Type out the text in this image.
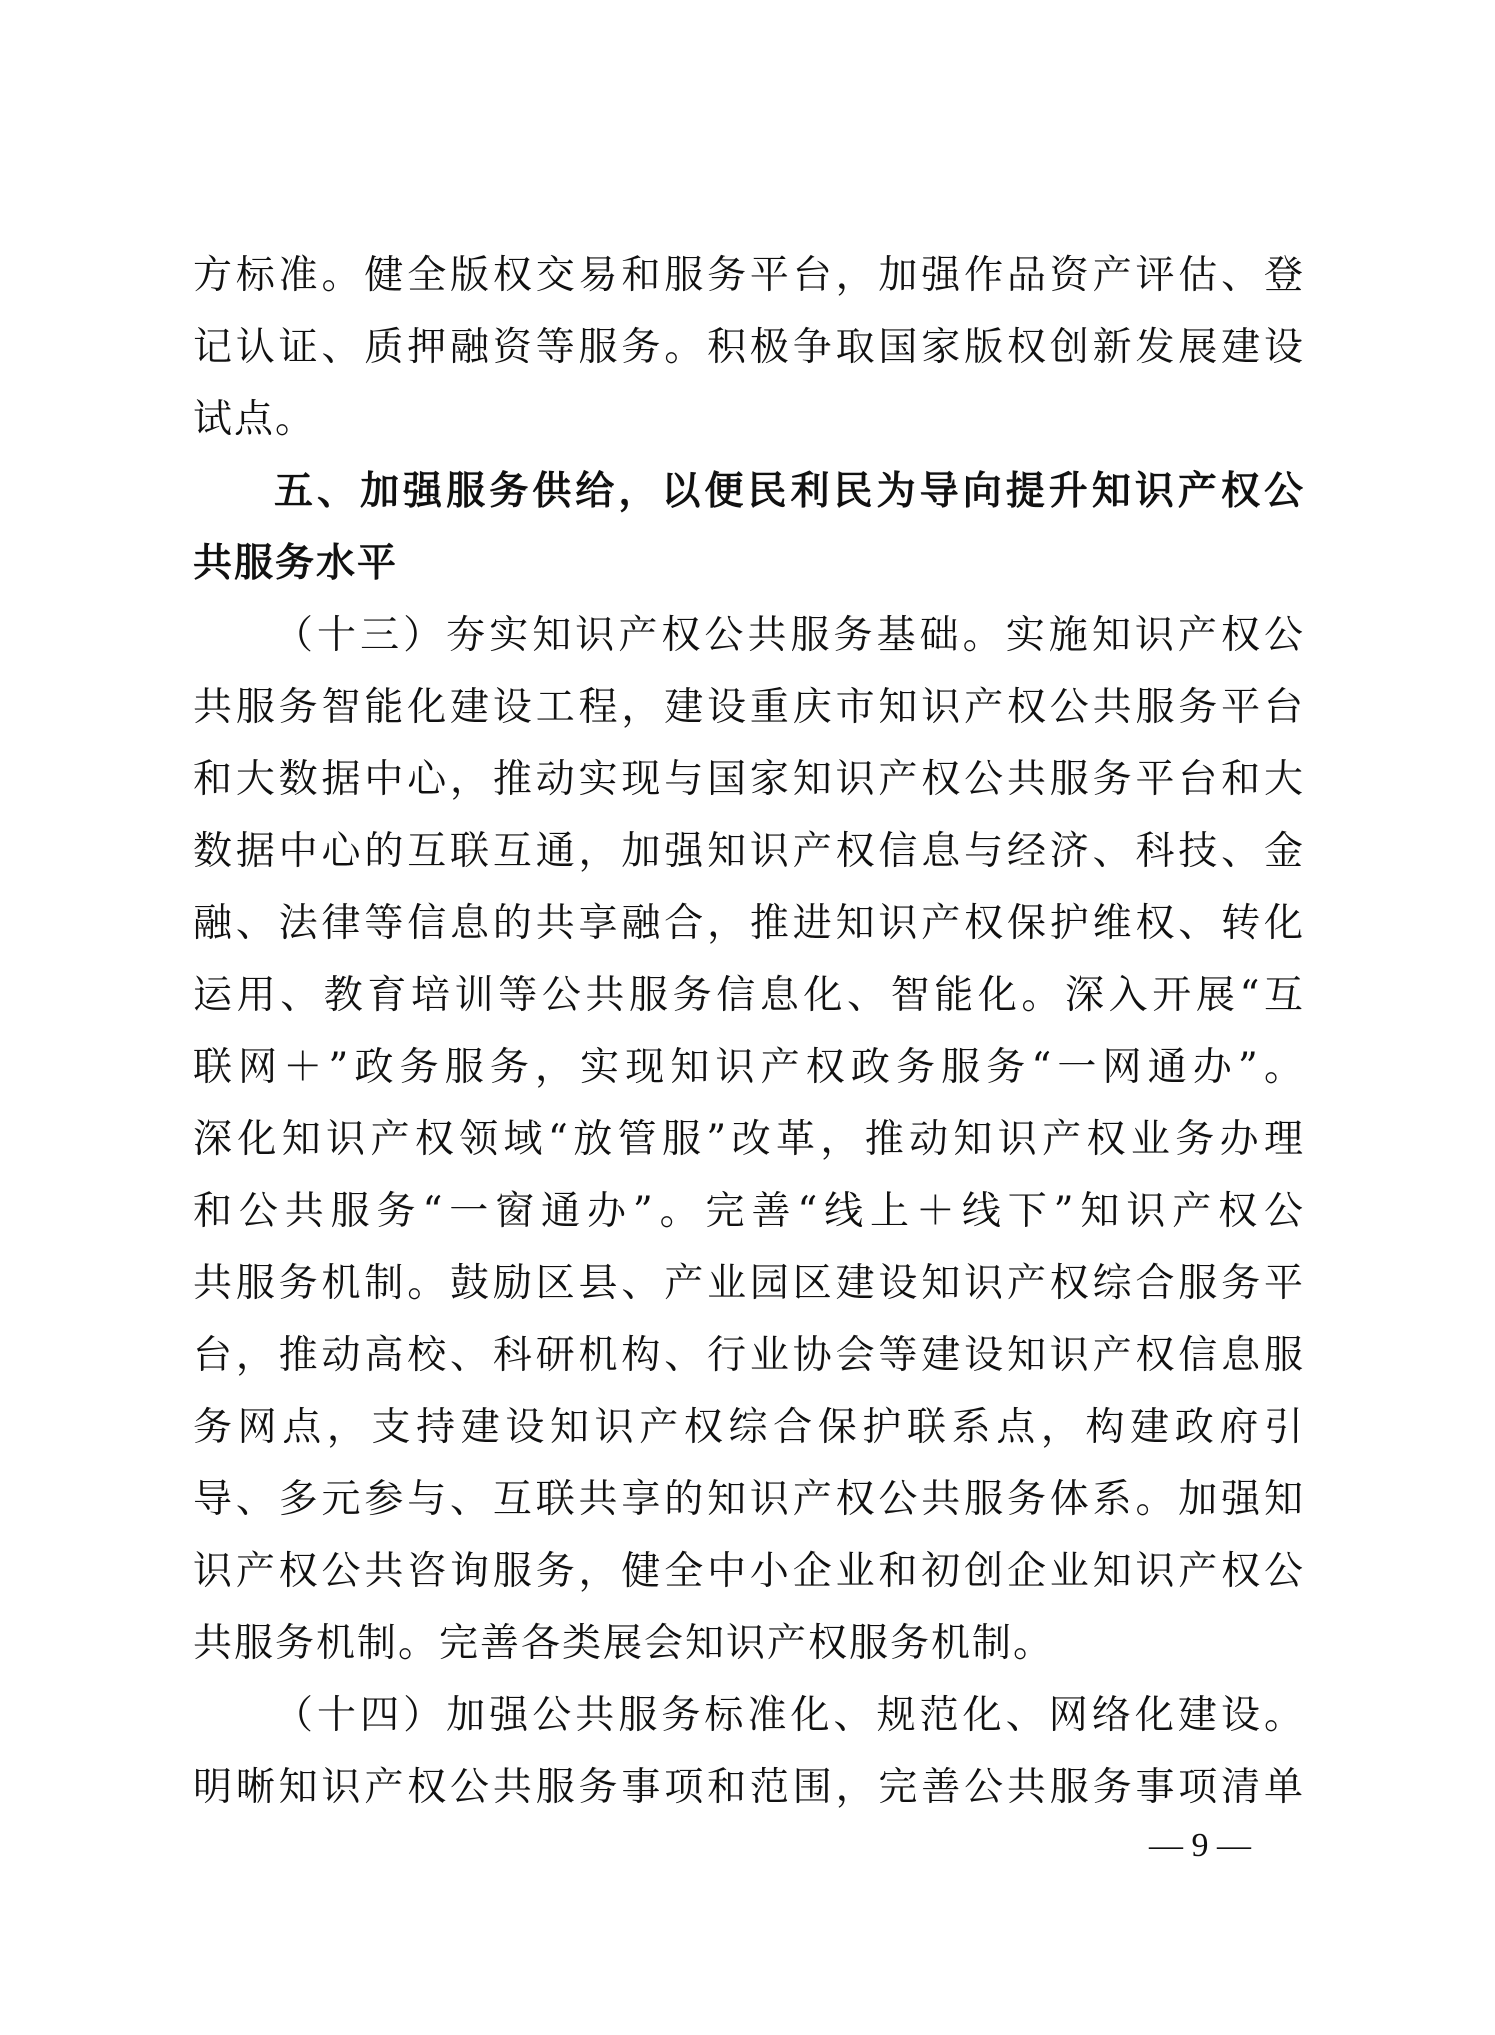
方标准。健全版权交易和服务平台，加强作品资产评估、登
记认证、质押融资等服务。积极争取国家版权创新发展建设
试点。
五、加强服务供给，以便民利民为导向提升知识产权公
共服务水平
（十三）夯实知识产权公共服务基础。实施知识产权公
共服务智能化建设工程，建设重庆市知识产权公共服务平台
和大数据中心，推动实现与国家知识产权公共服务平台和大
数据中心的互联互通，加强知识产权信息与经济、科技、金
融、法律等信息的共享融合，推进知识产权保护维权、转化
运用、教育培训等公共服务信息化、智能化。深入开展“互
联网＋”政务服务，实现知识产权政务服务“一网通办”。
深化知识产权领域“放管服”改革，推动知识产权业务办理
和公共服务“一窗通办”。完善“线上＋线下”知识产权公
共服务机制。鼓励区县、产业园区建设知识产权综合服务平
台，推动高校、科研机构、行业协会等建设知识产权信息服
务网点，支持建设知识产权综合保护联系点，构建政府引
导、多元参与、互联共享的知识产权公共服务体系。加强知
识产权公共咨询服务，健全中小企业和初创企业知识产权公
共服务机制。完善各类展会知识产权服务机制。
（十四）加强公共服务标准化、规范化、网络化建设。
明晰知识产权公共服务事项和范围，完善公共服务事项清单
— 9 —
